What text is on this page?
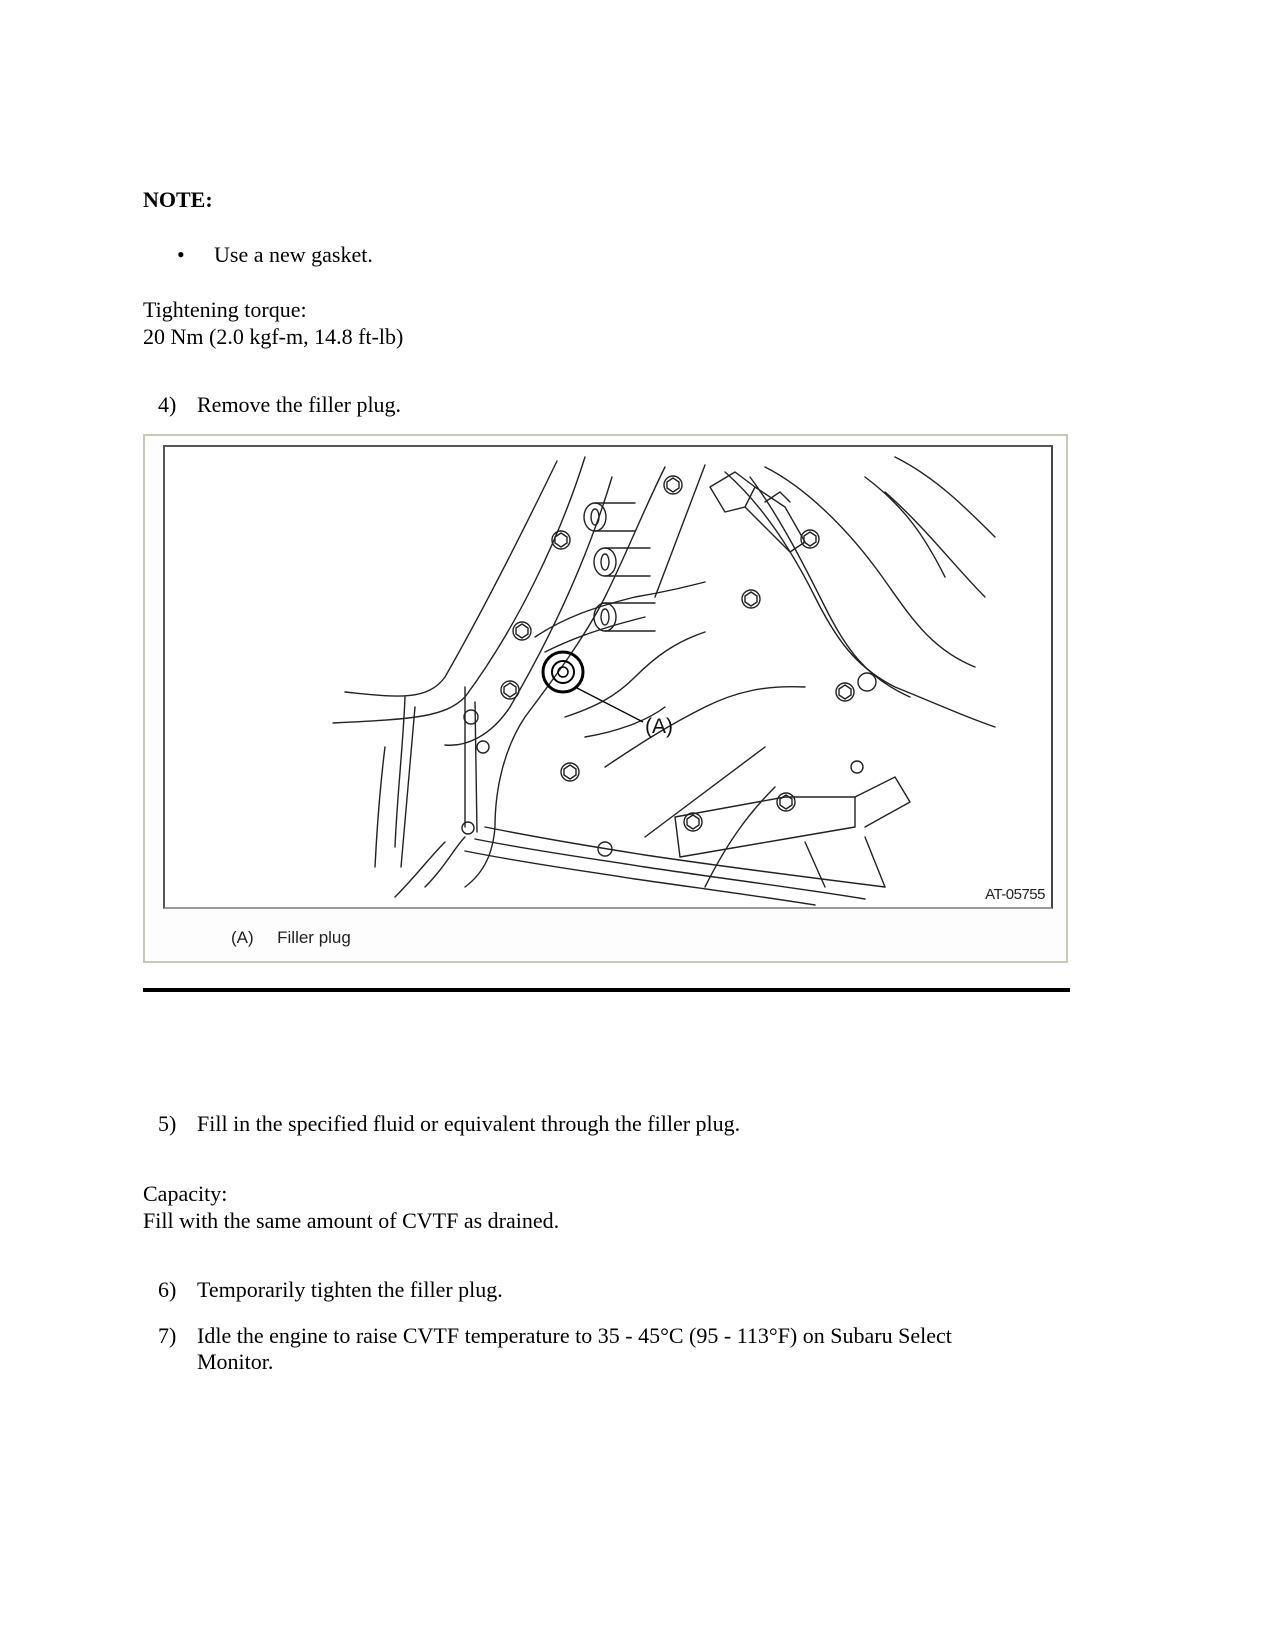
NOTE:
• Use a new gasket.
Tightening torque:
20 Nm (2.0 kgf-m, 14.8 ft-lb)
4) Remove the filler plug.
(A)
AT-05755
(A) Filler plug
5) Fill in the specified fluid or equivalent through the filler plug.
Capacity:
Fill with the same amount of CVTF as drained.
6) Temporarily tighten the filler plug.
7) Idle the engine to raise CVTF temperature to 35 - 45°C (95 - 113°F) on Subaru Select
Monitor.
